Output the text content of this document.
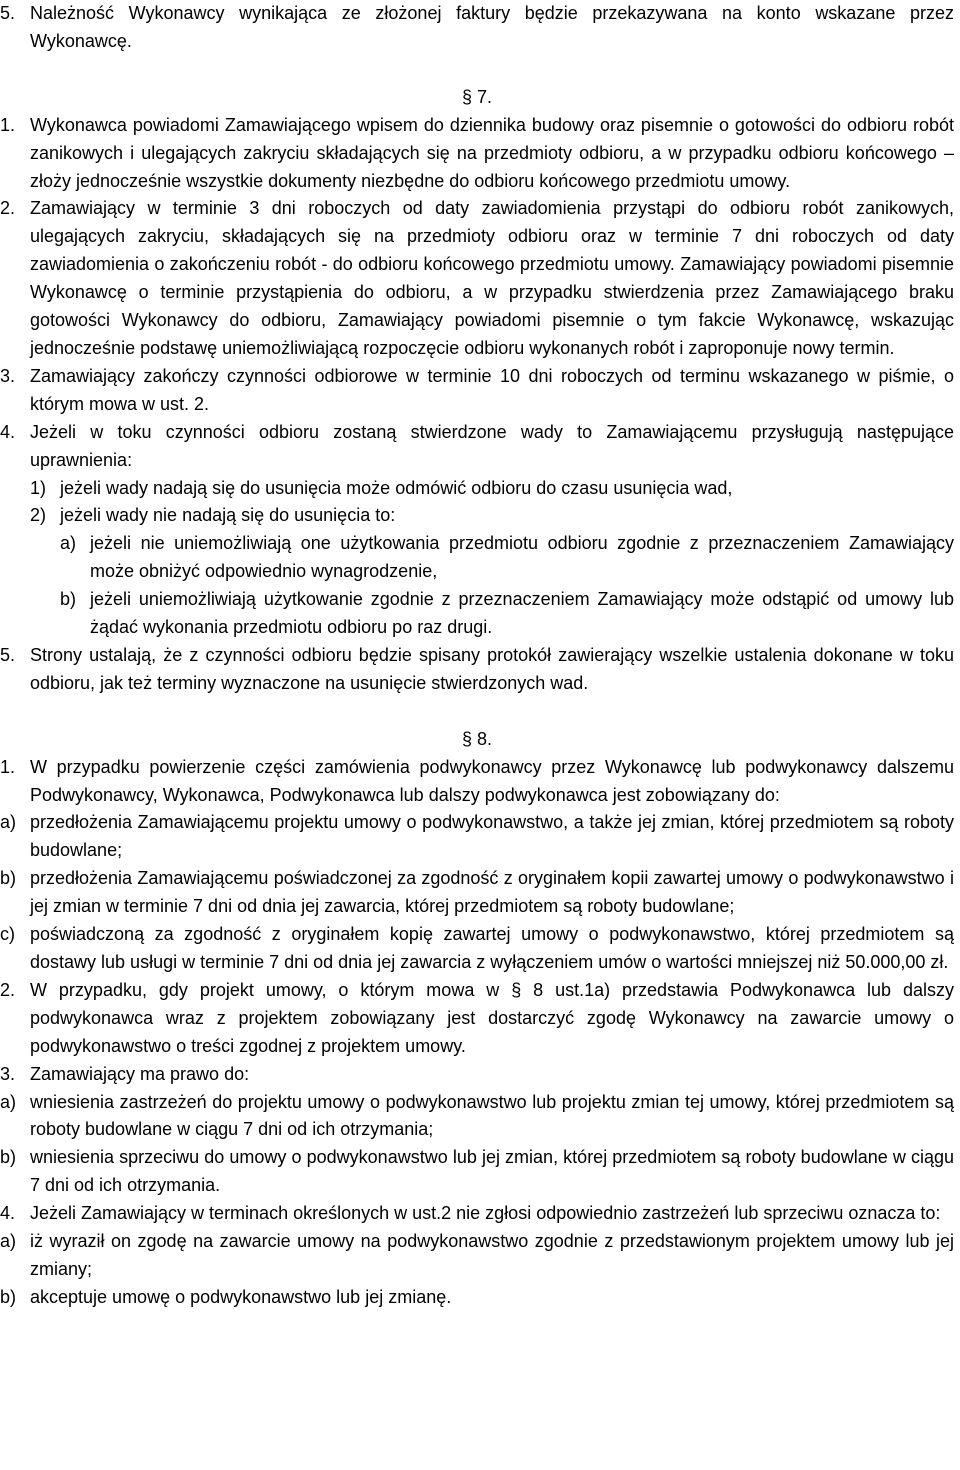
5. Należność Wykonawcy wynikająca ze złożonej faktury będzie przekazywana na konto wskazane przez Wykonawcę.
§ 7.
1. Wykonawca powiadomi Zamawiającego wpisem do dziennika budowy oraz pisemnie o gotowości do odbioru robót zanikowych i ulegających zakryciu składających się na przedmioty odbioru, a w przypadku odbioru końcowego – złoży jednocześnie wszystkie dokumenty niezbędne do odbioru końcowego przedmiotu umowy.
2. Zamawiający w terminie 3 dni roboczych od daty zawiadomienia przystąpi do odbioru robót zanikowych, ulegających zakryciu, składających się na przedmioty odbioru oraz w terminie 7 dni roboczych od daty zawiadomienia o zakończeniu robót - do odbioru końcowego przedmiotu umowy. Zamawiający powiadomi pisemnie Wykonawcę o terminie przystąpienia do odbioru, a w przypadku stwierdzenia przez Zamawiającego braku gotowości Wykonawcy do odbioru, Zamawiający powiadomi pisemnie o tym fakcie Wykonawcę, wskazując jednocześnie podstawę uniemożliwiającą rozpoczęcie odbioru wykonanych robót i zaproponuje nowy termin.
3. Zamawiający zakończy czynności odbiorowe w terminie 10 dni roboczych od terminu wskazanego w piśmie, o którym mowa w ust. 2.
4. Jeżeli w toku czynności odbioru zostaną stwierdzone wady to Zamawiającemu przysługują następujące uprawnienia:
1) jeżeli wady nadają się do usunięcia może odmówić odbioru do czasu usunięcia wad,
2) jeżeli wady nie nadają się do usunięcia to:
a) jeżeli nie uniemożliwiają one użytkowania przedmiotu odbioru zgodnie z przeznaczeniem Zamawiający może obniżyć odpowiednio wynagrodzenie,
b) jeżeli uniemożliwiają użytkowanie zgodnie z przeznaczeniem Zamawiający może odstąpić od umowy lub żądać wykonania przedmiotu odbioru po raz drugi.
5. Strony ustalają, że z czynności odbioru będzie spisany protokół zawierający wszelkie ustalenia dokonane w toku odbioru, jak też terminy wyznaczone na usunięcie stwierdzonych wad.
§ 8.
1. W przypadku powierzenie części zamówienia podwykonawcy przez Wykonawcę lub podwykonawcy dalszemu Podwykonawcy, Wykonawca, Podwykonawca lub dalszy podwykonawca jest zobowiązany do:
a) przedłożenia Zamawiającemu projektu umowy o podwykonawstwo, a także jej zmian, której przedmiotem są roboty budowlane;
b) przedłożenia Zamawiającemu poświadczonej za zgodność z oryginałem kopii zawartej umowy o podwykonawstwo i jej zmian w terminie 7 dni od dnia jej zawarcia, której przedmiotem są roboty budowlane;
c) poświadczoną za zgodność z oryginałem kopię zawartej umowy o podwykonawstwo, której przedmiotem są dostawy lub usługi w terminie 7 dni od dnia jej zawarcia z wyłączeniem umów o wartości mniejszej niż 50.000,00 zł.
2. W przypadku, gdy projekt umowy, o którym mowa w § 8 ust.1a) przedstawia Podwykonawca lub dalszy podwykonawca wraz z projektem zobowiązany jest dostarczyć zgodę Wykonawcy na zawarcie umowy o podwykonawstwo o treści zgodnej z projektem umowy.
3. Zamawiający ma prawo do:
a) wniesienia zastrzeżeń do projektu umowy o podwykonawstwo lub projektu zmian tej umowy, której przedmiotem są roboty budowlane w ciągu 7 dni od ich otrzymania;
b) wniesienia sprzeciwu do umowy o podwykonawstwo lub jej zmian, której przedmiotem są roboty budowlane w ciągu 7 dni od ich otrzymania.
4. Jeżeli Zamawiający w terminach określonych w ust.2 nie zgłosi odpowiednio zastrzeżeń lub sprzeciwu oznacza to:
a) iż wyraził on zgodę na zawarcie umowy na podwykonawstwo zgodnie z przedstawionym projektem umowy lub jej zmiany;
b) akceptuje umowę o podwykonawstwo lub jej zmianę.
